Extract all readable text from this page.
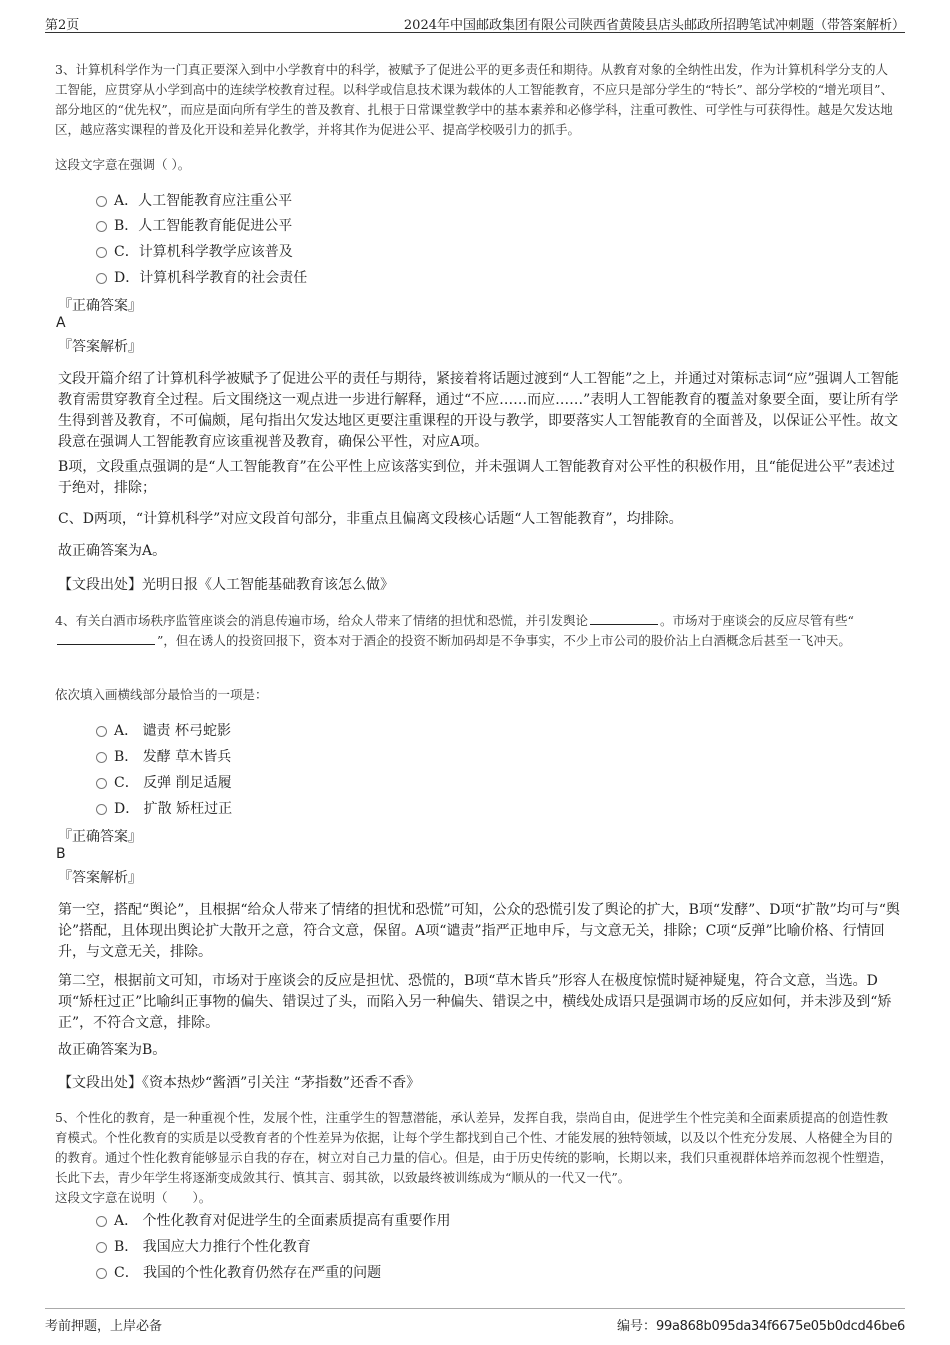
第2页	2024年中国邮政集团有限公司陕西省黄陵县店头邮政所招聘笔试冲刺题（带答案解析）
3、计算机科学作为一门真正要深入到中小学教育中的科学，被赋予了促进公平的更多责任和期待。从教育对象的全纳性出发，作为计算机科学分支的人工智能，应贯穿从小学到高中的连续学校教育过程。以科学或信息技术课为载体的人工智能教育，不应只是部分学生的“特长”、部分学校的“增光项目”、部分地区的“优先权”，而应是面向所有学生的普及教育、扎根于日常课堂教学中的基本素养和必修学科，注重可教性、可学性与可获得性。越是欠发达地区，越应落实课程的普及化开设和差异化教学，并将其作为促进公平、提高学校吸引力的抓手。
这段文字意在强调（ ）。
A．人工智能教育应注重公平
B．人工智能教育能促进公平
C．计算机科学教学应该普及
D．计算机科学教育的社会责任
『正确答案』
A
『答案解析』
文段开篇介绍了计算机科学被赋予了促进公平的责任与期待，紧接着将话题过渡到“人工智能”之上，并通过对策标志词“应”强调人工智能教育需贯穿教育全过程。后文围绕这一观点进一步进行解释，通过“不应……而应……”表明人工智能教育的覆盖对象要全面，要让所有学生得到普及教育，不可偏颇，尾句指出欠发达地区更要注重课程的开设与教学，即要落实人工智能教育的全面普及，以保证公平性。故文段意在强调人工智能教育应该重视普及教育，确保公平性，对应A项。
B项，文段重点强调的是“人工智能教育”在公平性上应该落实到位，并未强调人工智能教育对公平性的积极作用，且“能促进公平”表述过于绝对，排除；
C、D两项，“计算机科学”对应文段首句部分，非重点且偏离文段核心话题“人工智能教育”，均排除。
故正确答案为A。
【文段出处】光明日报《人工智能基础教育该怎么做》
4、有关白酒市场秩序监管座谈会的消息传遍市场，给众人带来了情绪的担忧和恐慌，并引发舆论	。市场对于座谈会的反应尽管有些“”，但在诱人的投资回报下，资本对于酒企的投资不断加码却是不争事实，不少上市公司的股价沾上白酒概念后甚至一飞冲天。
依次填入画横线部分最恰当的一项是：
A． 谴责 杯弓蛇影
B． 发酵 草木皆兵
C． 反弹 削足适履
D． 扩散 矫枉过正
『正确答案』
B
『答案解析』
第一空，搭配“舆论”，且根据“给众人带来了情绪的担忧和恐慌”可知，公众的恐慌引发了舆论的扩大，B项“发酵”、D项“扩散”均可与“舆论”搭配，且体现出舆论扩大散开之意，符合文意，保留。A项“谴责”指严正地申斥，与文意无关，排除；C项“反弹”比喻价格、行情回升，与文意无关，排除。
第二空，根据前文可知，市场对于座谈会的反应是担忧、恐慌的，B项“草木皆兵”形容人在极度惊慌时疑神疑鬼，符合文意，当选。D项“矫枉过正”比喻纠正事物的偏失、错误过了头，而陷入另一种偏失、错误之中，横线处成语只是强调市场的反应如何，并未涉及到“矫正”，不符合文意，排除。
故正确答案为B。
【文段出处】《资本热炒“酱酒”引关注 “茅指数”还香不香》
5、个性化的教育，是一种重视个性，发展个性，注重学生的智慧潜能，承认差异，发挥自我，崇尚自由，促进学生个性完美和全面素质提高的创造性教育模式。个性化教育的实质是以受教育者的个性差异为依据，让每个学生都找到自己个性、才能发展的独特领域，以及以个性充分发展、人格健全为目的的教育。通过个性化教育能够显示自我的存在，树立对自己力量的信心。但是，由于历史传统的影响，长期以来，我们只重视群体培养而忽视个性塑造，长此下去，青少年学生将逐渐变成敛其行、慎其言、弱其欲，以致最终被训练成为“顺从的一代又一代”。
这段文字意在说明（　　）。
A． 个性化教育对促进学生的全面素质提高有重要作用
B． 我国应大力推行个性化教育
C． 我国的个性化教育仍然存在严重的问题
考前押题，上岸必备	编号：99a868b095da34f6675e05b0dcd46be6
